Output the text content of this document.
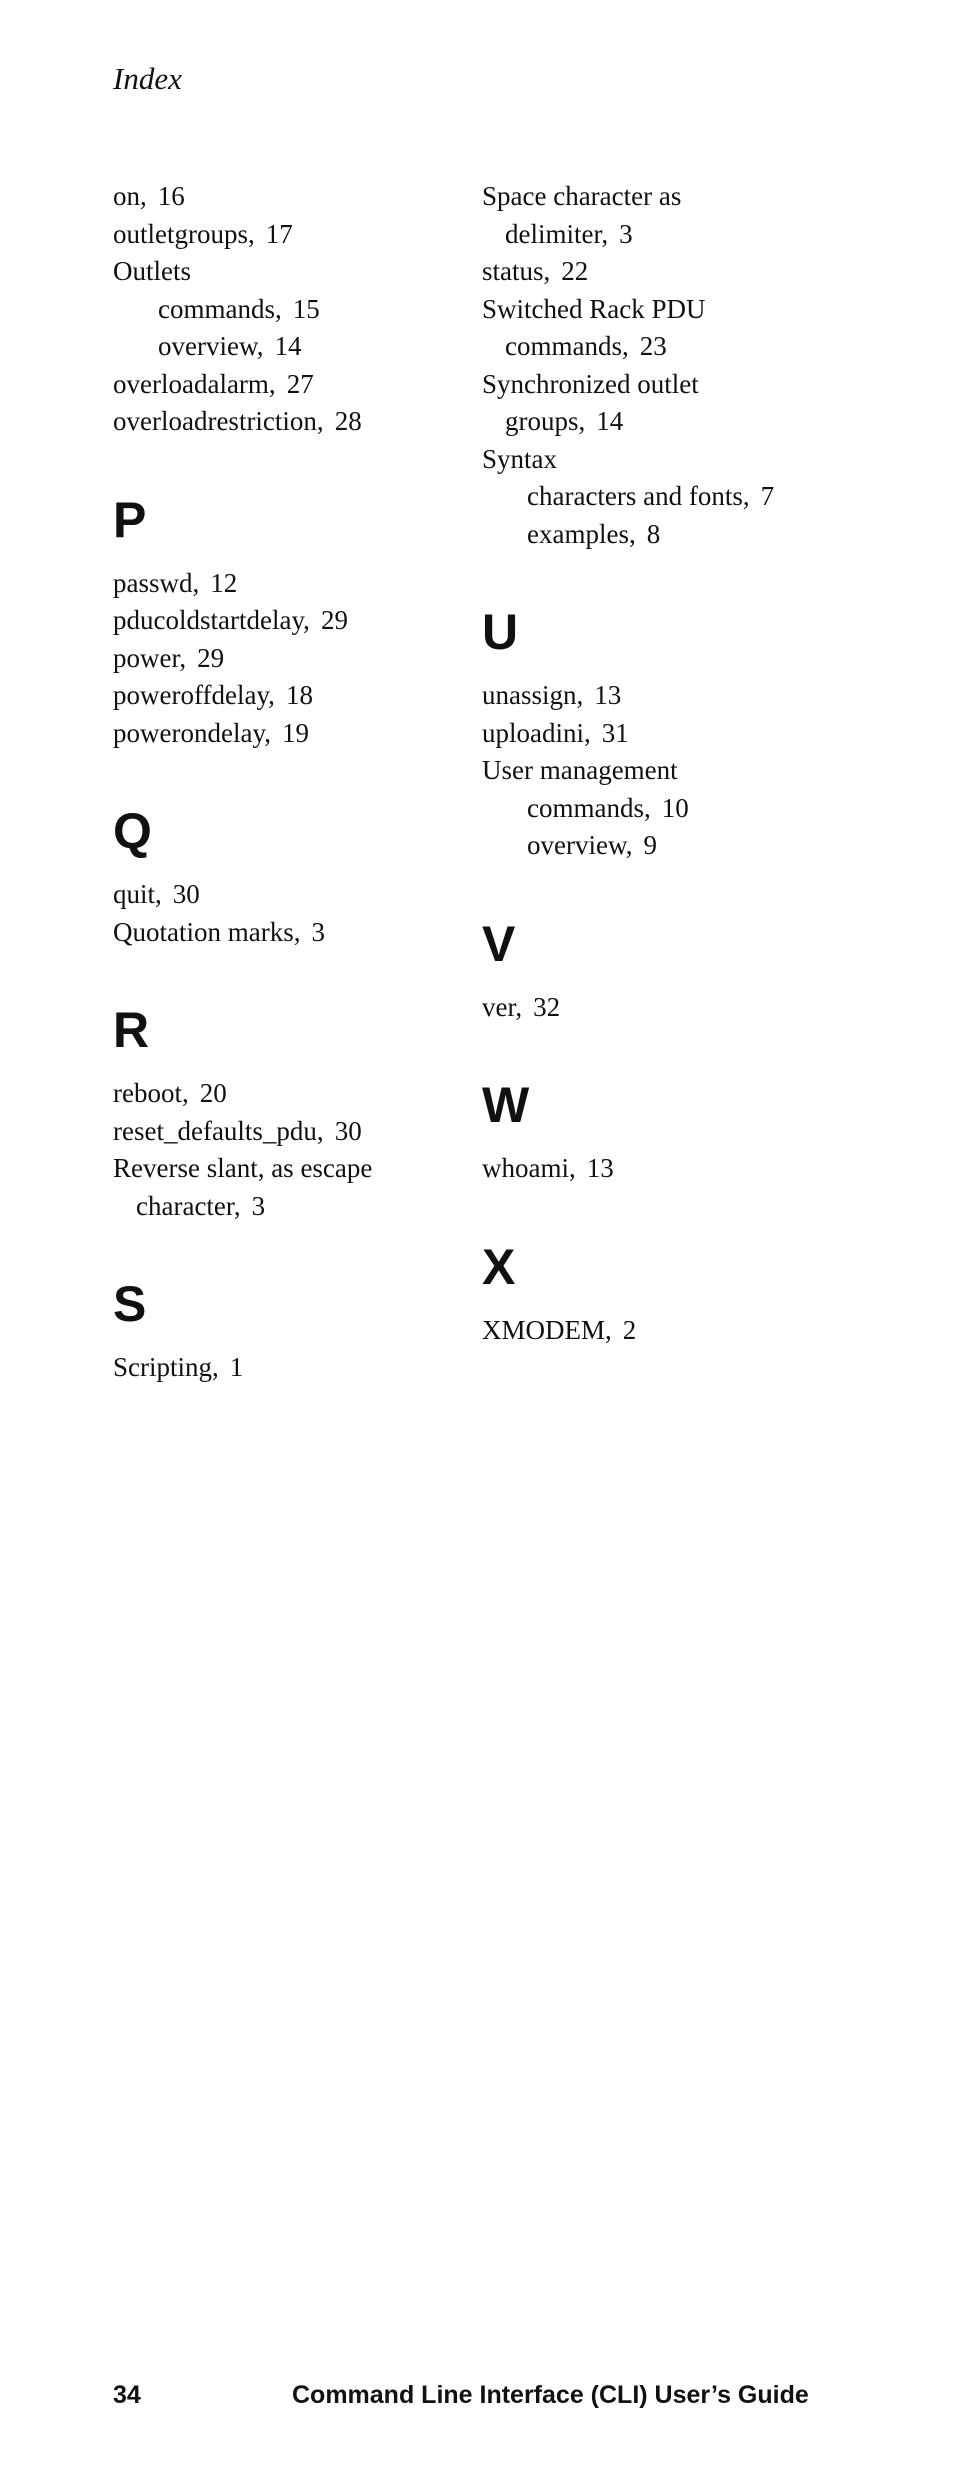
Index

on, 16

outletgroups, 17

Outlets

commands, 15

overview, 14

overloadalarm, 27

overloadrestriction, 28

P

passwd, 12

pducoldstartdelay, 29

power, 29

poweroffdelay, 18

powerondelay, 19

Q

quit, 30

Quotation marks, 3

R

reboot, 20

reset_defaults_pdu, 30

Reverse slant, as escape

character, 3

S

Scripting, 1

Space character as

delimiter, 3

status, 22

Switched Rack PDU

commands, 23

Synchronized outlet

groups, 14

Syntax

characters and fonts, 7

examples, 8

U

unassign, 13

uploadini, 31

User management

commands, 10

overview, 9

V

ver, 32

W

whoami, 13

X

XMODEM, 2

34	Command Line Interface (CLI) User’s Guide
